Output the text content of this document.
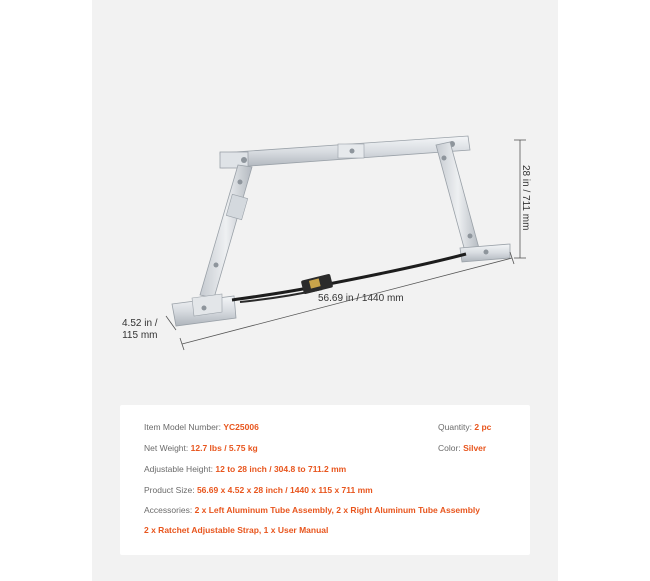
56.69 in / 1440 mm
28 in / 711 mm
4.52 in /
115 mm
Item Model Number: YC25006	Quantity: 2 pc
Net Weight: 12.7 lbs / 5.75 kg	Color: Silver
Adjustable Height: 12 to 28 inch / 304.8 to 711.2 mm
Product Size: 56.69 x 4.52 x 28 inch / 1440 x 115 x 711 mm
Accessories: 2 x Left Aluminum Tube Assembly, 2 x Right Aluminum Tube Assembly
2 x Ratchet Adjustable Strap, 1 x User Manual
